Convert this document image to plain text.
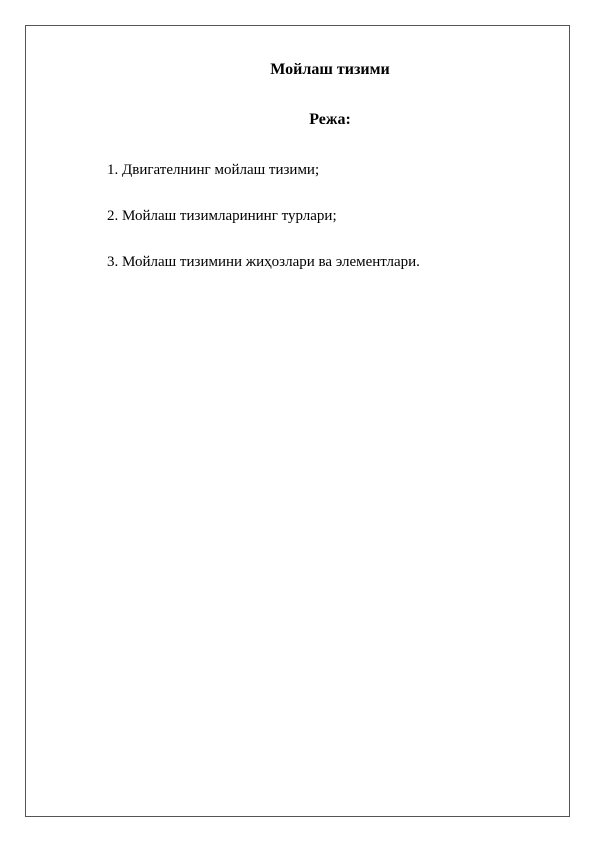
Мойлаш тизими
Режа:
1. Двигателнинг мойлаш тизими;
2. Мойлаш тизимларининг турлари;
3. Мойлаш тизимини жиҳозлари ва элементлари.
